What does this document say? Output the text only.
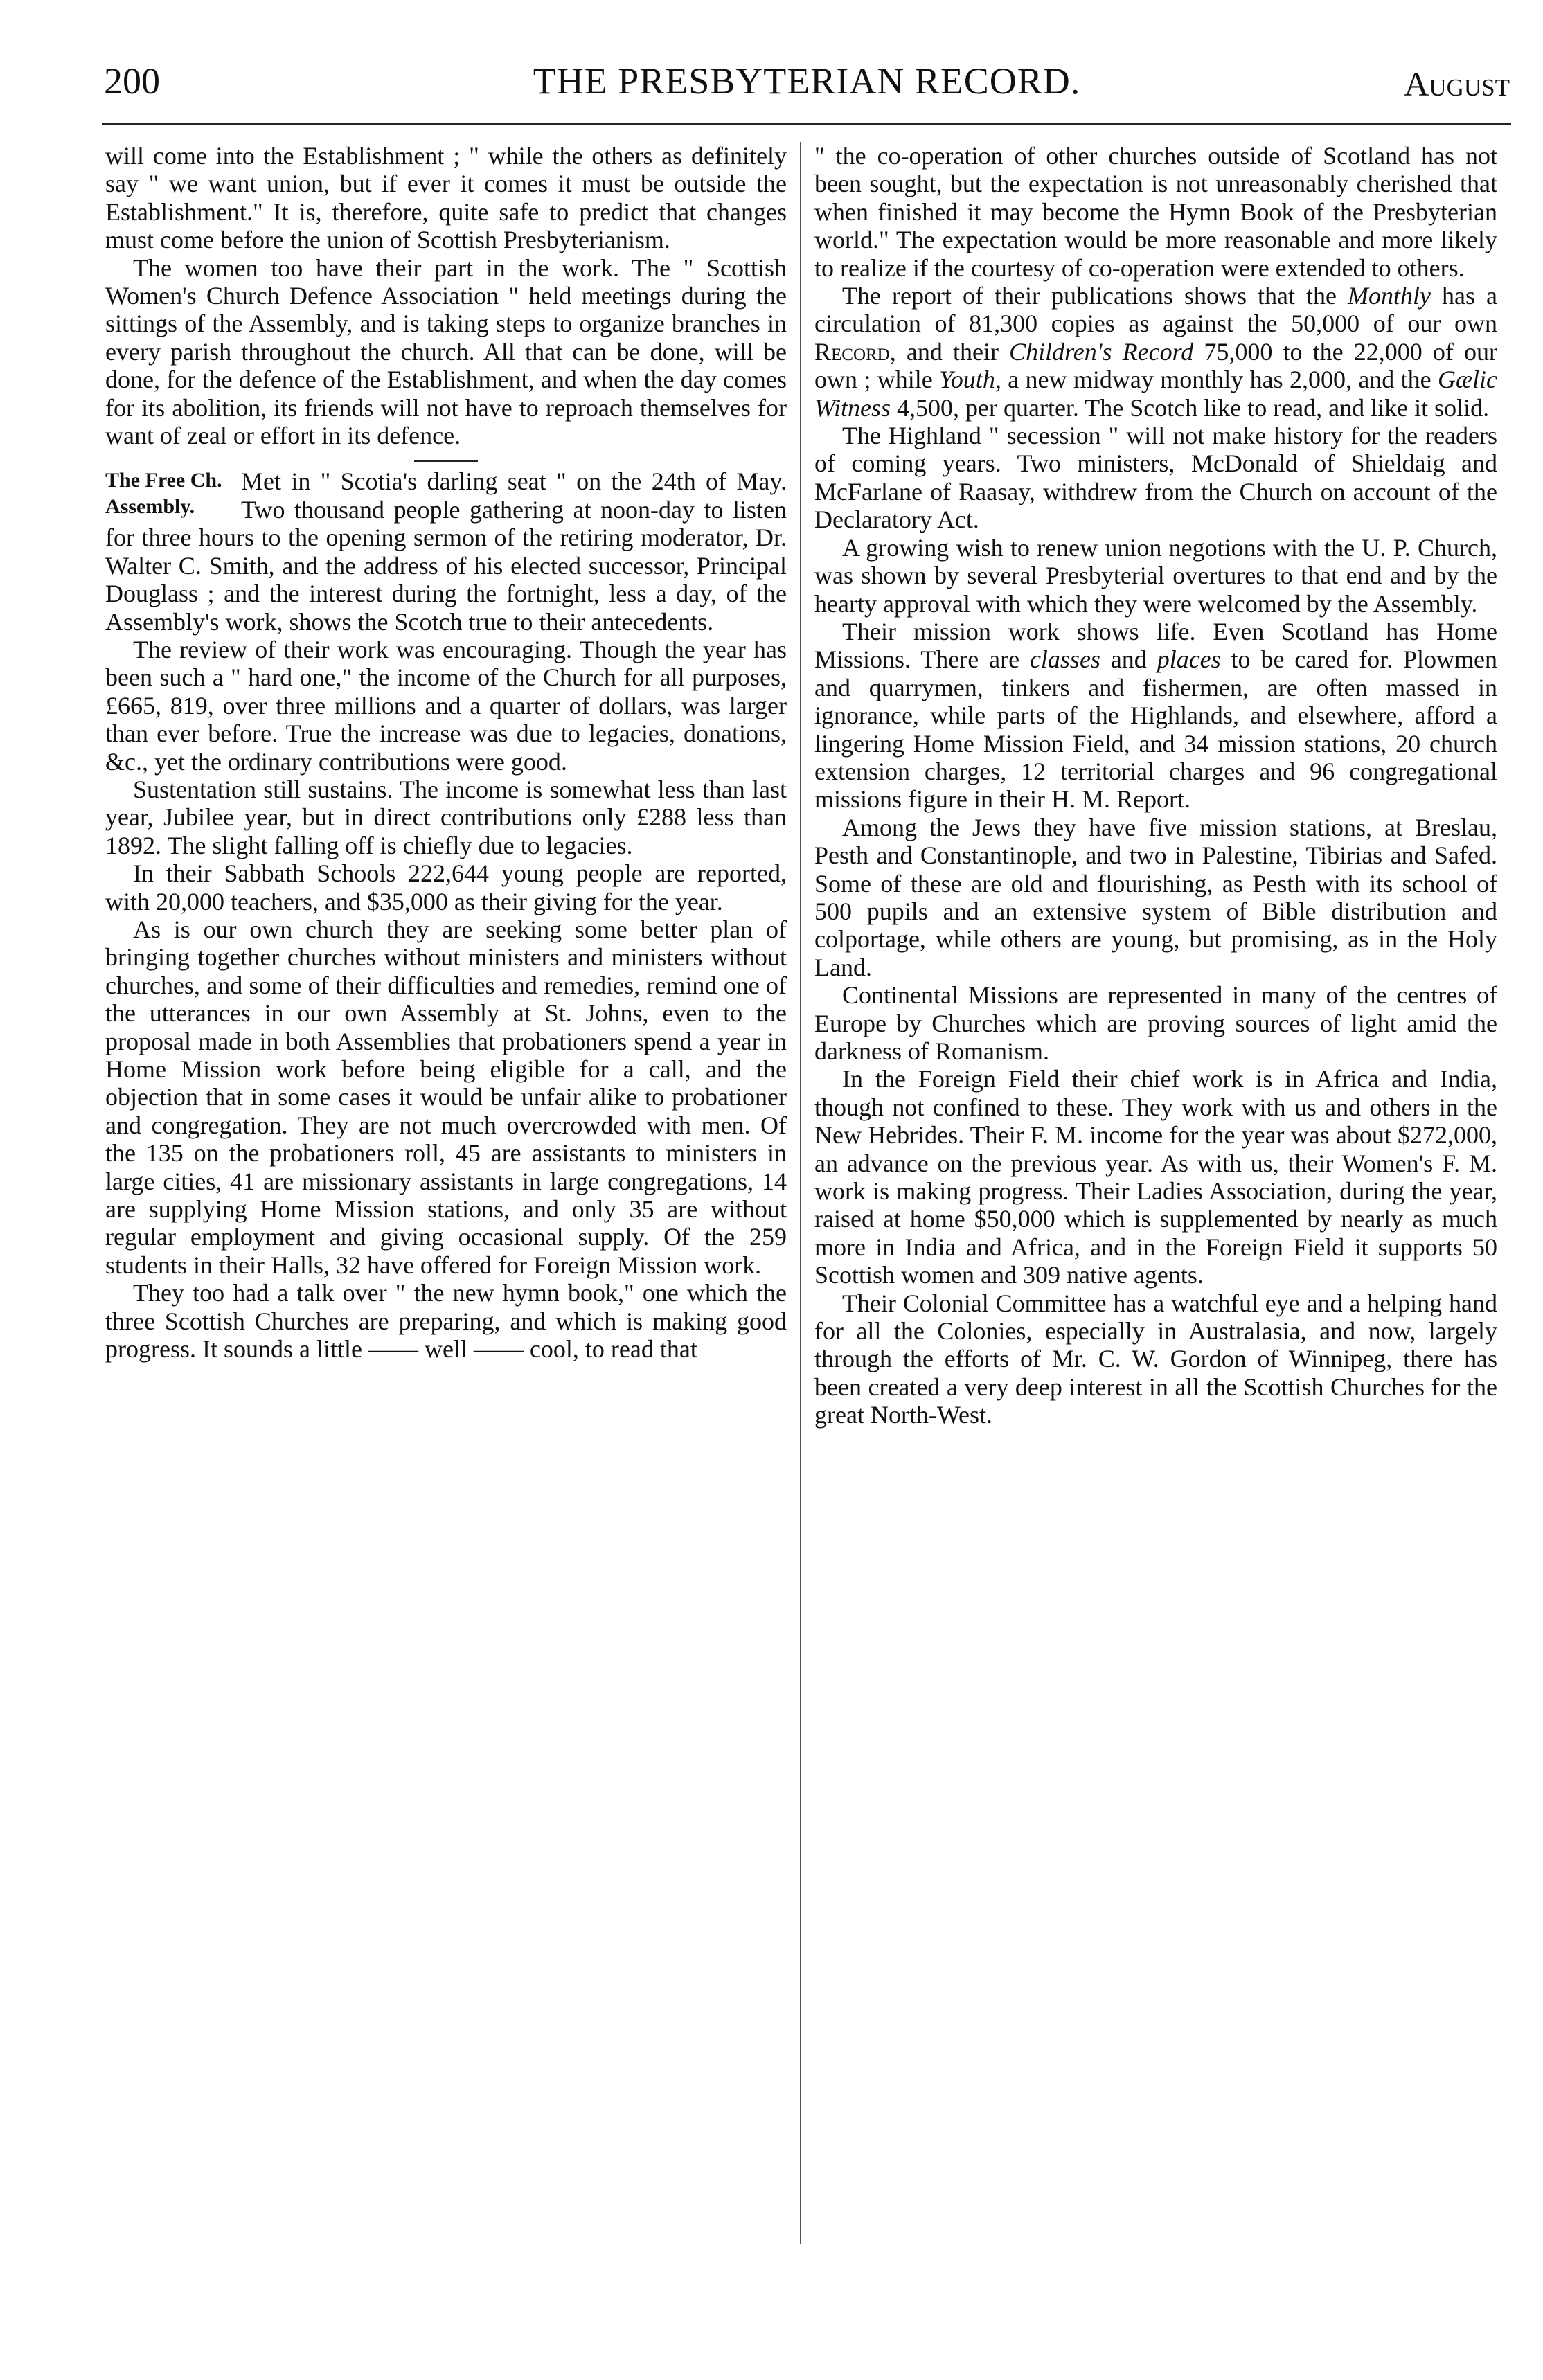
200	THE PRESBYTERIAN RECORD.	August

will come into the Establishment ; " while the others as definitely say " we want union, but if ever it comes it must be outside the Establishment." It is, therefore, quite safe to predict that changes must come before the union of Scottish Presbyterianism.

The women too have their part in the work. The " Scottish Women's Church Defence Association " held meetings during the sittings of the Assembly, and is taking steps to organize branches in every parish throughout the church. All that can be done, will be done, for the defence of the Establishment, and when the day comes for its abolition, its friends will not have to reproach themselves for want of zeal or effort in its defence.

The Free Ch.
Assembly.
Met in " Scotia's darling seat " on the 24th of May. Two thousand people gathering at noon-day to listen for three hours to the opening sermon of the retiring moderator, Dr. Walter C. Smith, and the address of his elected successor, Principal Douglass ; and the interest during the fortnight, less a day, of the Assembly's work, shows the Scotch true to their antecedents.

The review of their work was encouraging. Though the year has been such a " hard one," the income of the Church for all purposes, £665, 819, over three millions and a quarter of dollars, was larger than ever before. True the increase was due to legacies, donations, &c., yet the ordinary contributions were good.

Sustentation still sustains. The income is somewhat less than last year, Jubilee year, but in direct contributions only £288 less than 1892. The slight falling off is chiefly due to legacies.

In their Sabbath Schools 222,644 young people are reported, with 20,000 teachers, and $35,000 as their giving for the year.

As is our own church they are seeking some better plan of bringing together churches without ministers and ministers without churches, and some of their difficulties and remedies, remind one of the utterances in our own Assembly at St. Johns, even to the proposal made in both Assemblies that probationers spend a year in Home Mission work before being eligible for a call, and the objection that in some cases it would be unfair alike to probationer and congregation. They are not much overcrowded with men. Of the 135 on the probationers roll, 45 are assistants to ministers in large cities, 41 are missionary assistants in large congregations, 14 are supplying Home Mission stations, and only 35 are without regular employment and giving occasional supply. Of the 259 students in their Halls, 32 have offered for Foreign Mission work.

They too had a talk over " the new hymn book," one which the three Scottish Churches are preparing, and which is making good progress. It sounds a little —— well —— cool, to read that

" the co-operation of other churches outside of Scotland has not been sought, but the expectation is not unreasonably cherished that when finished it may become the Hymn Book of the Presbyterian world." The expectation would be more reasonable and more likely to realize if the courtesy of co-operation were extended to others.

The report of their publications shows that the Monthly has a circulation of 81,300 copies as against the 50,000 of our own Record, and their Children's Record 75,000 to the 22,000 of our own ; while Youth, a new midway monthly has 2,000, and the Gælic Witness 4,500, per quarter. The Scotch like to read, and like it solid.

The Highland " secession " will not make history for the readers of coming years. Two ministers, McDonald of Shieldaig and McFarlane of Raasay, withdrew from the Church on account of the Declaratory Act.

A growing wish to renew union negotions with the U. P. Church, was shown by several Presbyterial overtures to that end and by the hearty approval with which they were welcomed by the Assembly.

Their mission work shows life. Even Scotland has Home Missions. There are classes and places to be cared for. Plowmen and quarrymen, tinkers and fishermen, are often massed in ignorance, while parts of the Highlands, and elsewhere, afford a lingering Home Mission Field, and 34 mission stations, 20 church extension charges, 12 territorial charges and 96 congregational missions figure in their H. M. Report.

Among the Jews they have five mission stations, at Breslau, Pesth and Constantinople, and two in Palestine, Tibirias and Safed. Some of these are old and flourishing, as Pesth with its school of 500 pupils and an extensive system of Bible distribution and colportage, while others are young, but promising, as in the Holy Land.

Continental Missions are represented in many of the centres of Europe by Churches which are proving sources of light amid the darkness of Romanism.

In the Foreign Field their chief work is in Africa and India, though not confined to these. They work with us and others in the New Hebrides. Their F. M. income for the year was about $272,000, an advance on the previous year. As with us, their Women's F. M. work is making progress. Their Ladies Association, during the year, raised at home $50,000 which is supplemented by nearly as much more in India and Africa, and in the Foreign Field it supports 50 Scottish women and 309 native agents.

Their Colonial Committee has a watchful eye and a helping hand for all the Colonies, especially in Australasia, and now, largely through the efforts of Mr. C. W. Gordon of Winnipeg, there has been created a very deep interest in all the Scottish Churches for the great North-West.
